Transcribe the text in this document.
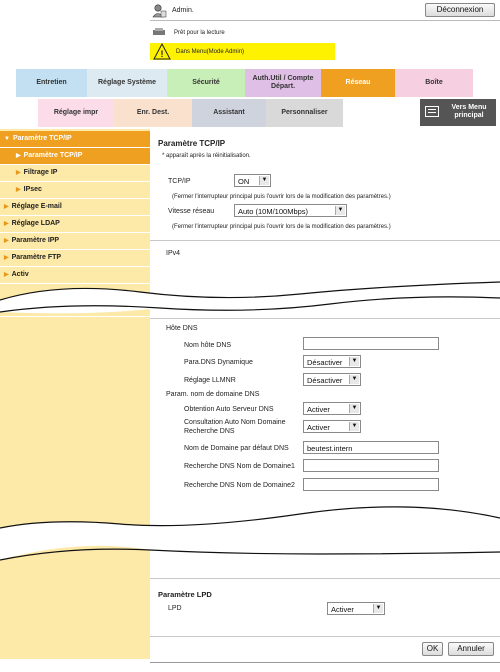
Admin.	Déconnexion
Prêt pour la lecture
! Dans Menu(Mode Admin)
Entretien	Réglage Système	Sécurité
Auth.Util / Compte Départ.
Réseau	Boîte
Réglage impr	Enr. Dest.	Assistant	Personnaliser
Vers Menu principal
▼ Paramètre TCP/IP
▶ Paramètre TCP/IP
▶ Filtrage IP
▶ IPsec
▶ Réglage E-mail
▶ Réglage LDAP
▶ Paramètre IPP
▶ Paramètre FTP
▶ Activ
Paramètre TCP/IP
* apparaît après la réinitialisation.
TCP/IP	ON	▼
(Fermer l'interrupteur principal puis l'ouvrir lors de la modification des paramètres.)
Vitesse réseau	Auto (10M/100Mbps)	▼
(Fermer l'interrupteur principal puis l'ouvrir lors de la modification des paramètres.)
IPv4
Hôte DNS
Nom hôte DNS
Para.DNS Dynamique	Désactiver	▼
Réglage LLMNR	Désactiver	▼
Param. nom de domaine DNS
Obtention Auto Serveur DNS	Activer	▼
Consultation Auto Nom Domaine Recherche DNS	Activer	▼
Nom de Domaine par défaut DNS	beutest.intern
Recherche DNS Nom de Domaine1
Recherche DNS Nom de Domaine2
Paramètre LPD
LPD	Activer	▼
OK	Annuler
